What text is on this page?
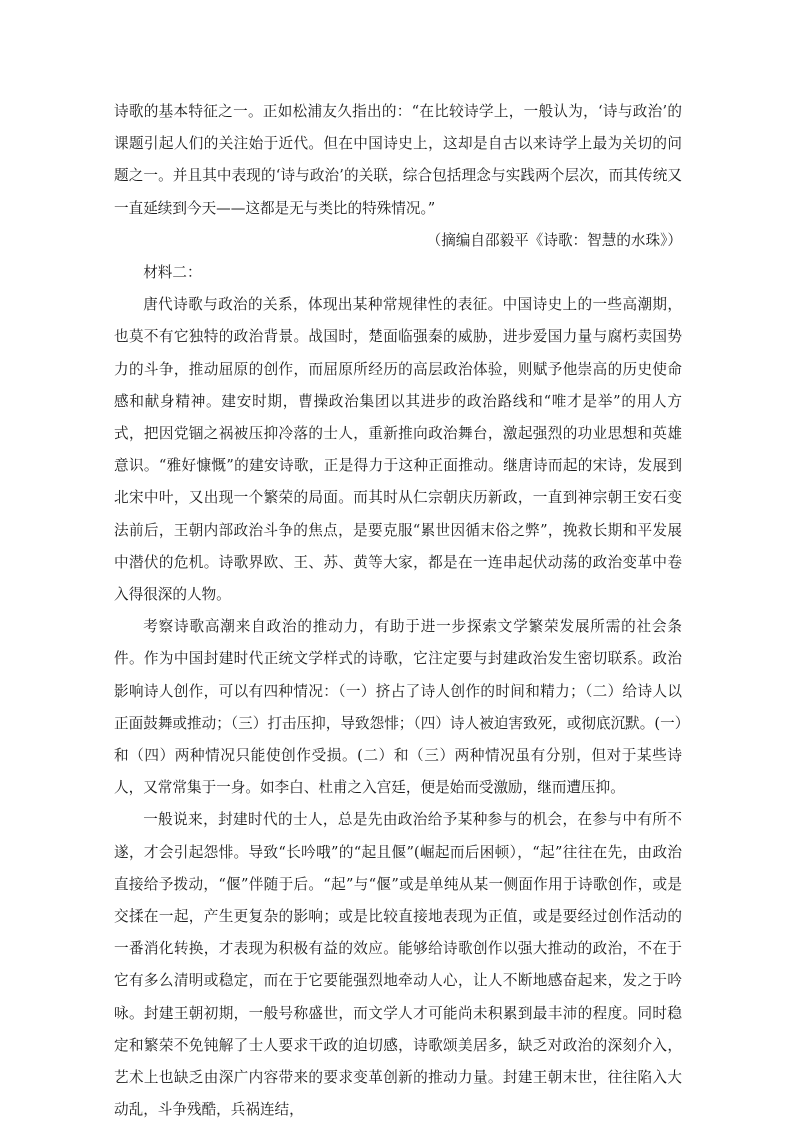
诗歌的基本特征之一。正如松浦友久指出的：“在比较诗学上，一般认为，‘诗与政治’的课题引起人们的关注始于近代。但在中国诗史上，这却是自古以来诗学上最为关切的问题之一。并且其中表现的‘诗与政治’的关联，综合包括理念与实践两个层次，而其传统又一直延续到今天——这都是无与类比的特殊情况。”

（摘编自邵毅平《诗歌：智慧的水珠》）

材料二：

唐代诗歌与政治的关系，体现出某种常规律性的表征。中国诗史上的一些高潮期，也莫不有它独特的政治背景。战国时，楚面临强秦的威胁，进步爱国力量与腐朽卖国势力的斗争，推动屈原的创作，而屈原所经历的高层政治体验，则赋予他崇高的历史使命感和献身精神。建安时期，曹操政治集团以其进步的政治路线和“唯才是举”的用人方式，把因党锢之祸被压抑冷落的士人，重新推向政治舞台，激起强烈的功业思想和英雄意识。“雅好慷慨”的建安诗歌，正是得力于这种正面推动。继唐诗而起的宋诗，发展到北宋中叶，又出现一个繁荣的局面。而其时从仁宗朝庆历新政，一直到神宗朝王安石变法前后，王朝内部政治斗争的焦点，是要克服“累世因循末俗之弊”，挽救长期和平发展中潜伏的危机。诗歌界欧、王、苏、黄等大家，都是在一连串起伏动荡的政治变革中卷入得很深的人物。

考察诗歌高潮来自政治的推动力，有助于进一步探索文学繁荣发展所需的社会条件。作为中国封建时代正统文学样式的诗歌，它注定要与封建政治发生密切联系。政治影响诗人创作，可以有四种情况：（一）挤占了诗人创作的时间和精力；（二）给诗人以正面鼓舞或推动；（三）打击压抑，导致怨悱；（四）诗人被迫害致死，或彻底沉默。(一）和（四）两种情况只能使创作受损。(二）和（三）两种情况虽有分别，但对于某些诗人，又常常集于一身。如李白、杜甫之入宫廷，便是始而受激励，继而遭压抑。

一般说来，封建时代的士人，总是先由政治给予某种参与的机会，在参与中有所不遂，才会引起怨悱。导致“长吟哦”的“起且偃”(崛起而后困顿），“起”往往在先，由政治直接给予拨动，“偃”伴随于后。“起”与“偃”或是单纯从某一侧面作用于诗歌创作，或是交揉在一起，产生更复杂的影响；或是比较直接地表现为正值，或是要经过创作活动的一番消化转换，才表现为积极有益的效应。能够给诗歌创作以强大推动的政治，不在于它有多么清明或稳定，而在于它要能强烈地牵动人心，让人不断地感奋起来，发之于吟咏。封建王朝初期，一般号称盛世，而文学人才可能尚未积累到最丰沛的程度。同时稳定和繁荣不免钝解了士人要求干政的迫切感，诗歌颂美居多，缺乏对政治的深刻介入，艺术上也缺乏由深广内容带来的要求变革创新的推动力量。封建王朝末世，往往陷入大动乱，斗争残酷，兵祸连结，
